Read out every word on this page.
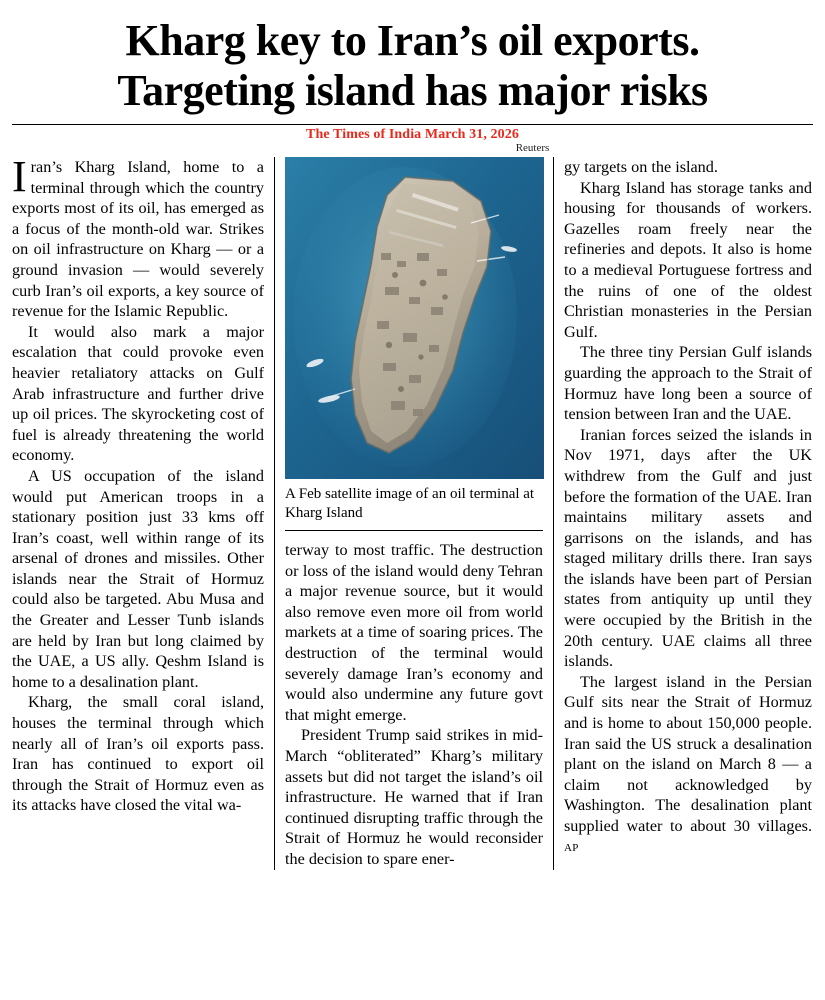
Kharg key to Iran’s oil exports.
Targeting island has major risks
The Times of India March 31, 2026
Reuters

Iran’s Kharg Island, home to a terminal through which the country exports most of its oil, has emerged as a focus of the month-old war. Strikes on oil infrastructure on Kharg — or a ground invasion — would severely curb Iran’s oil exports, a key source of revenue for the Islamic Republic.

It would also mark a major escalation that could provoke even heavier retaliatory attacks on Gulf Arab infrastructure and further drive up oil prices. The skyrocketing cost of fuel is already threatening the world economy.

A US occupation of the island would put American troops in a stationary position just 33 kms off Iran’s coast, well within range of its arsenal of drones and missiles. Other islands near the Strait of Hormuz could also be targeted. Abu Musa and the Greater and Lesser Tunb islands are held by Iran but long claimed by the UAE, a US ally. Qeshm Island is home to a desalination plant.

Kharg, the small coral island, houses the terminal through which nearly all of Iran’s oil exports pass. Iran has continued to export oil through the Strait of Hormuz even as its attacks have closed the vital wa-

A Feb satellite image of an oil terminal at Kharg Island

terway to most traffic. The destruction or loss of the island would deny Tehran a major revenue source, but it would also remove even more oil from world markets at a time of soaring prices. The destruction of the terminal would severely damage Iran’s economy and would also undermine any future govt that might emerge.

President Trump said strikes in mid-March “obliterated” Kharg’s military assets but did not target the island’s oil infrastructure. He warned that if Iran continued disrupting traffic through the Strait of Hormuz he would reconsider the decision to spare ener-

gy targets on the island.

Kharg Island has storage tanks and housing for thousands of workers. Gazelles roam freely near the refineries and depots. It also is home to a medieval Portuguese fortress and the ruins of one of the oldest Christian monasteries in the Persian Gulf.

The three tiny Persian Gulf islands guarding the approach to the Strait of Hormuz have long been a source of tension between Iran and the UAE.

Iranian forces seized the islands in Nov 1971, days after the UK withdrew from the Gulf and just before the formation of the UAE. Iran maintains military assets and garrisons on the islands, and has staged military drills there. Iran says the islands have been part of Persian states from antiquity up until they were occupied by the British in the 20th century. UAE claims all three islands.

The largest island in the Persian Gulf sits near the Strait of Hormuz and is home to about 150,000 people. Iran said the US struck a desalination plant on the island on March 8 — a claim not acknowledged by Washington. The desalination plant supplied water to about 30 villages. AP
